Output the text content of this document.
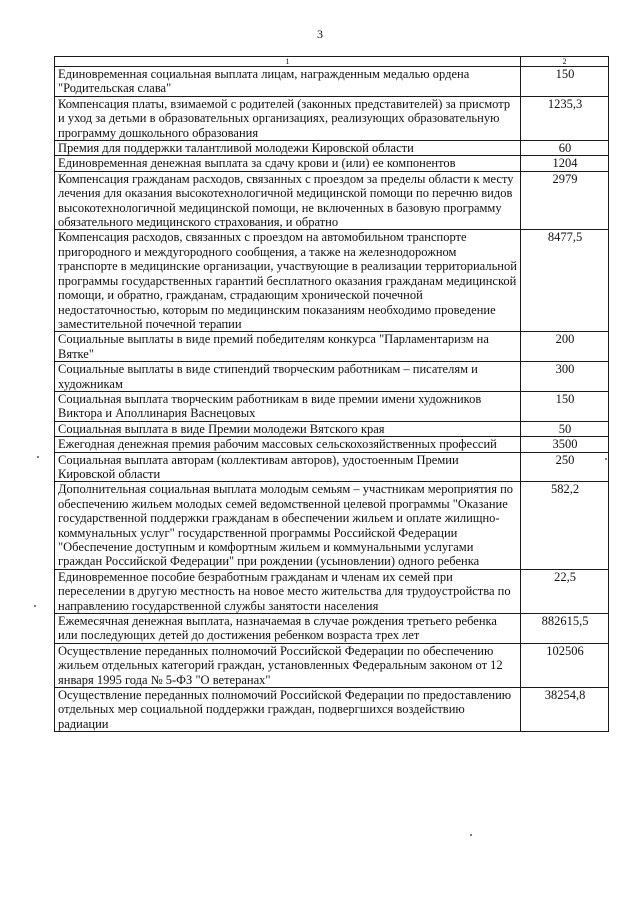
3
1	2
Единовременная социальная выплата лицам, награжденным медалью ордена "Родительская слава"	150
Компенсация платы, взимаемой с родителей (законных представителей) за присмотр и уход за детьми в образовательных организациях, реализующих образовательную программу дошкольного образования	1235,3
Премия для поддержки талантливой молодежи Кировской области	60
Единовременная денежная выплата за сдачу крови и (или) ее компонентов	1204
Компенсация гражданам расходов, связанных с проездом за пределы области к месту лечения для оказания высокотехнологичной медицинской помощи по перечню видов высокотехнологичной медицинской помощи, не включенных в базовую программу обязательного медицинского страхования, и обратно	2979
Компенсация расходов, связанных с проездом на автомобильном транспорте пригородного и междугородного сообщения, а также на железнодорожном транспорте в медицинские организации, участвующие в реализации территориальной программы государственных гарантий бесплатного оказания гражданам медицинской помощи, и обратно, гражданам, страдающим хронической почечной недостаточностью, которым по медицинским показаниям необходимо проведение заместительной почечной терапии	8477,5
Социальные выплаты в виде премий победителям конкурса "Парламентаризм на Вятке"	200
Социальные выплаты в виде стипендий творческим работникам – писателям и художникам	300
Социальная выплата творческим работникам в виде премии имени художников Виктора и Аполлинария Васнецовых	150
Социальная выплата в виде Премии молодежи Вятского края	50
Ежегодная денежная премия рабочим массовых сельскохозяйственных профессий	3500
Социальная выплата авторам (коллективам авторов), удостоенным Премии Кировской области	250
Дополнительная социальная выплата молодым семьям – участникам мероприятия по обеспечению жильем молодых семей ведомственной целевой программы "Оказание государственной поддержки гражданам в обеспечении жильем и оплате жилищно-коммунальных услуг" государственной программы Российской Федерации "Обеспечение доступным и комфортным жильем и коммунальными услугами граждан Российской Федерации" при рождении (усыновлении) одного ребенка	582,2
Единовременное пособие безработным гражданам и членам их семей при переселении в другую местность на новое место жительства для трудоустройства по направлению государственной службы занятости населения	22,5
Ежемесячная денежная выплата, назначаемая в случае рождения третьего ребенка или последующих детей до достижения ребенком возраста трех лет	882615,5
Осуществление переданных полномочий Российской Федерации по обеспечению жильем отдельных категорий граждан, установленных Федеральным законом от 12 января 1995 года № 5-ФЗ "О ветеранах"	102506
Осуществление переданных полномочий Российской Федерации по предоставлению отдельных мер социальной поддержки граждан, подвергшихся воздействию радиации	38254,8
